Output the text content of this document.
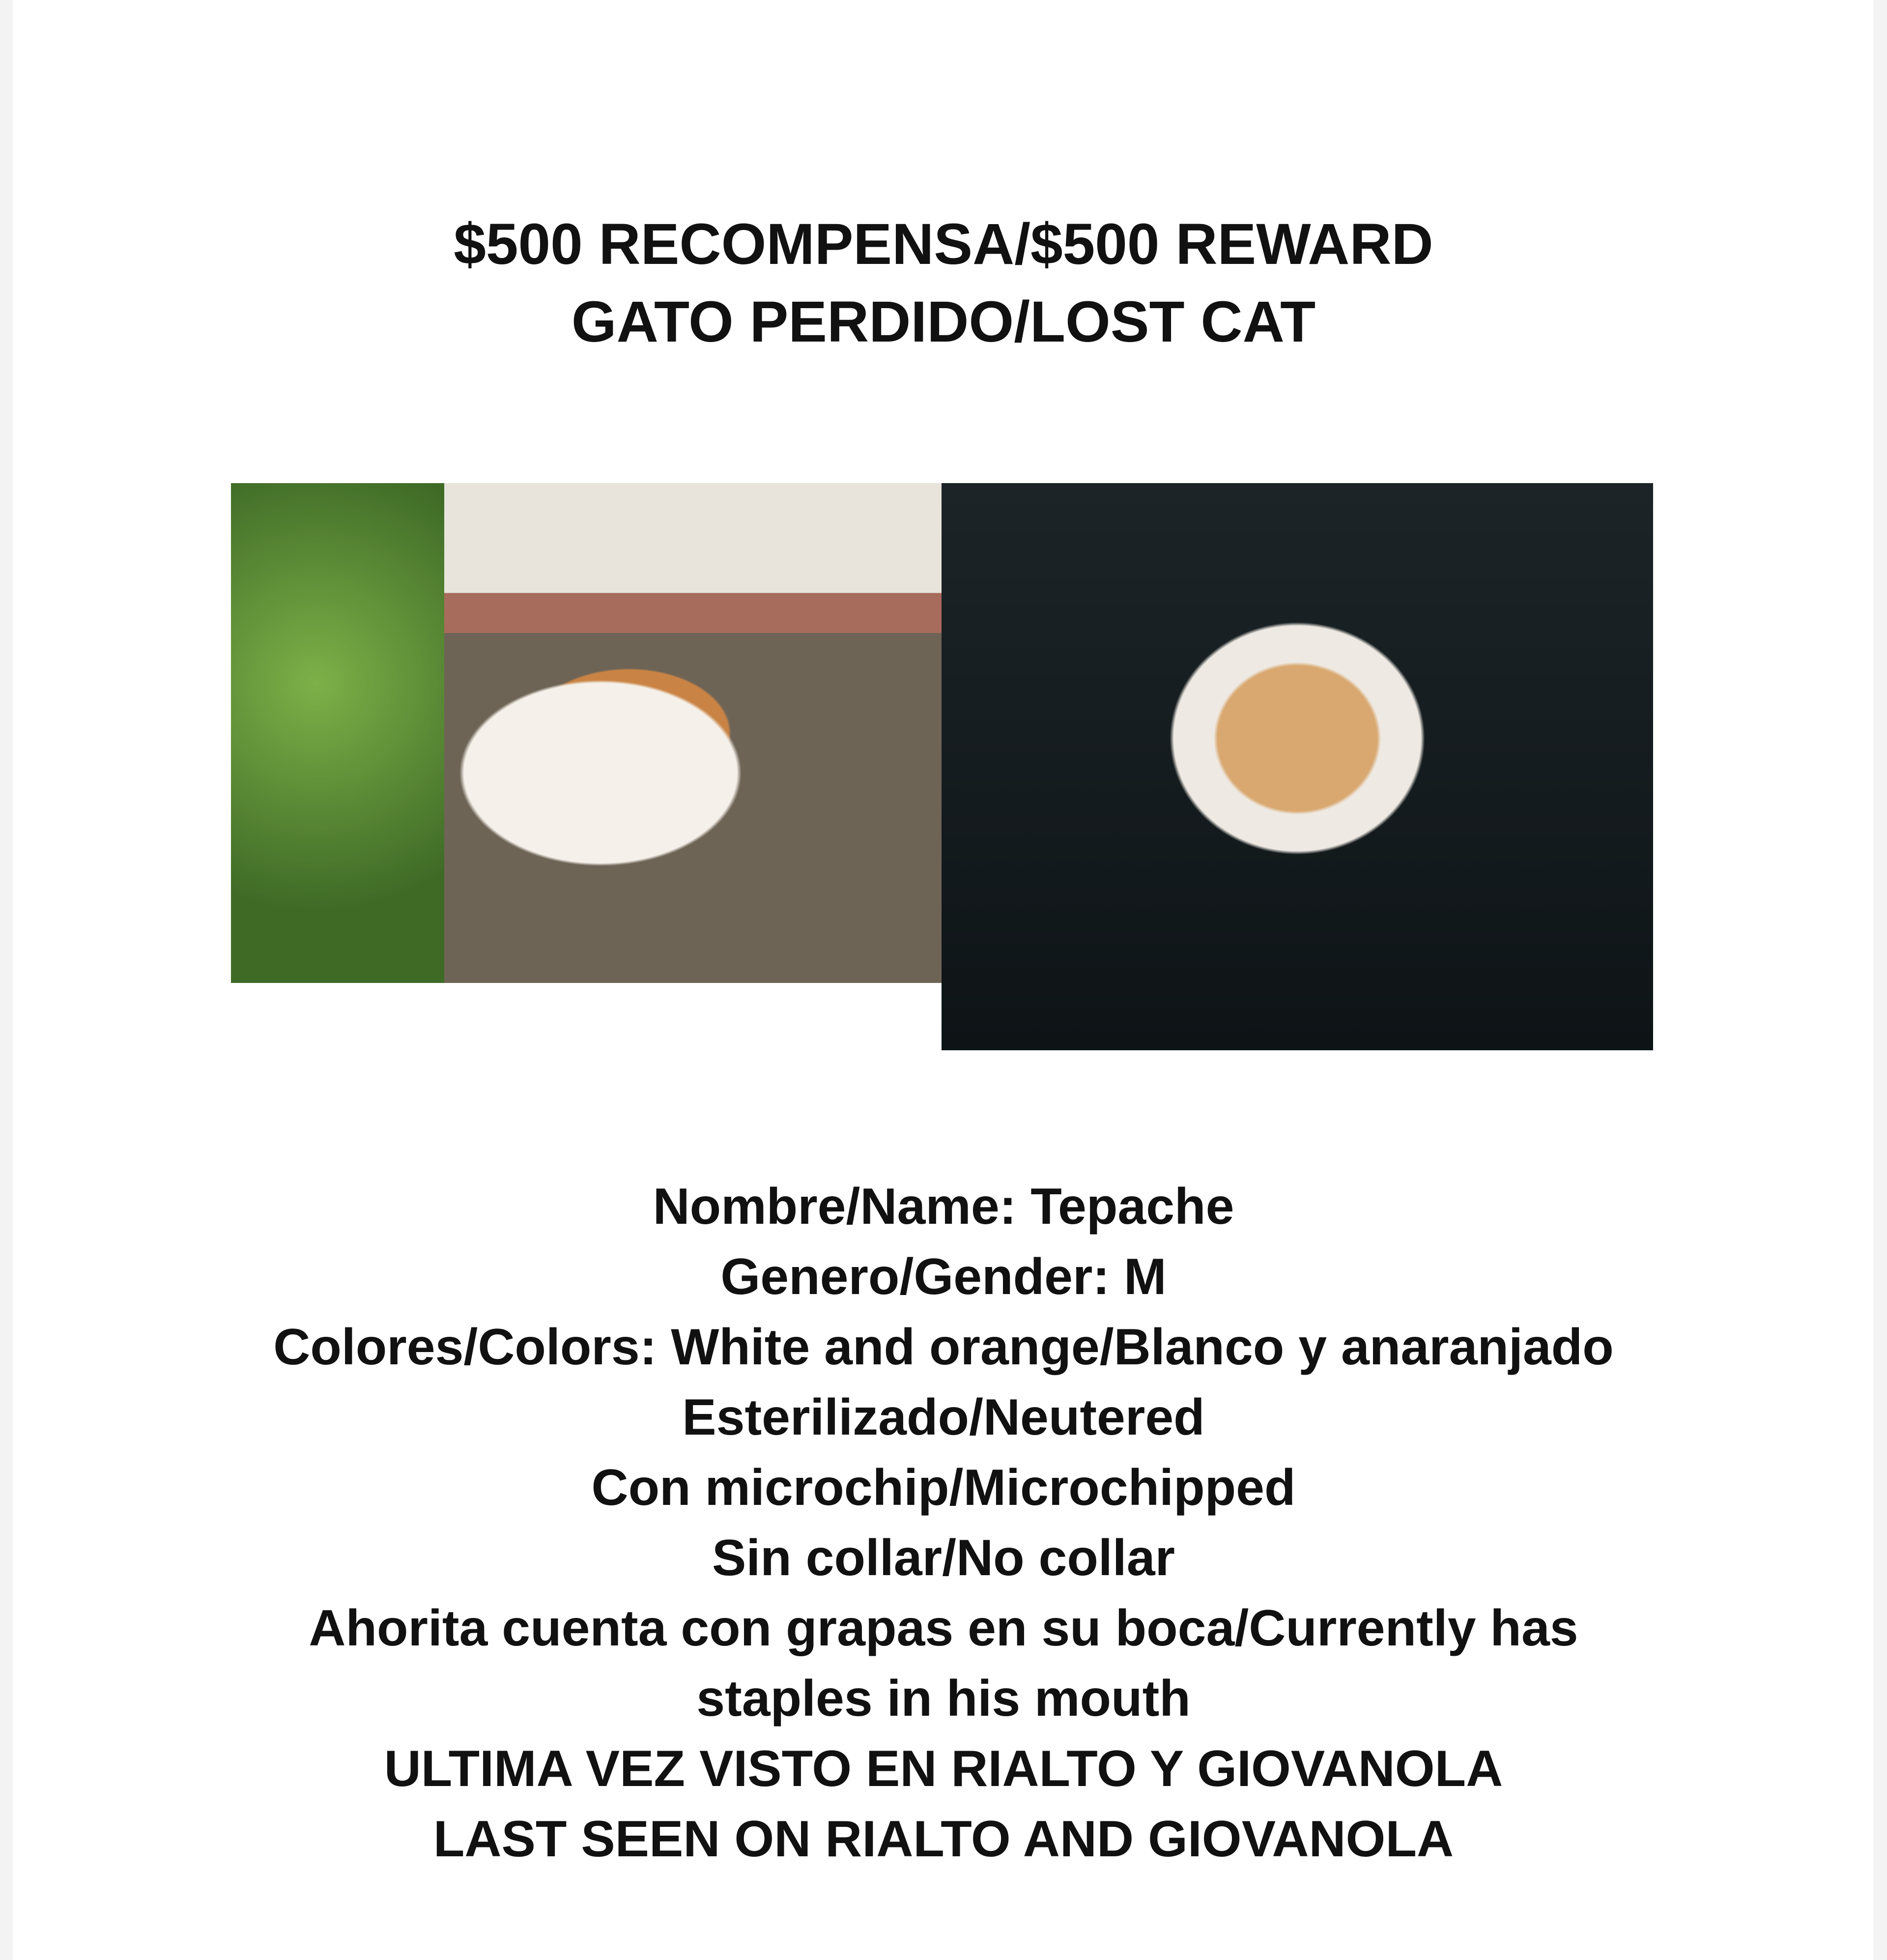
$500 RECOMPENSA/$500 REWARD
GATO PERDIDO/LOST CAT
Nombre/Name: Tepache
Genero/Gender: M
Colores/Colors: White and orange/Blanco y anaranjado
Esterilizado/Neutered
Con microchip/Microchipped
Sin collar/No collar
Ahorita cuenta con grapas en su boca/Currently has staples in his mouth
ULTIMA VEZ VISTO EN RIALTO Y GIOVANOLA
LAST SEEN ON RIALTO AND GIOVANOLA
